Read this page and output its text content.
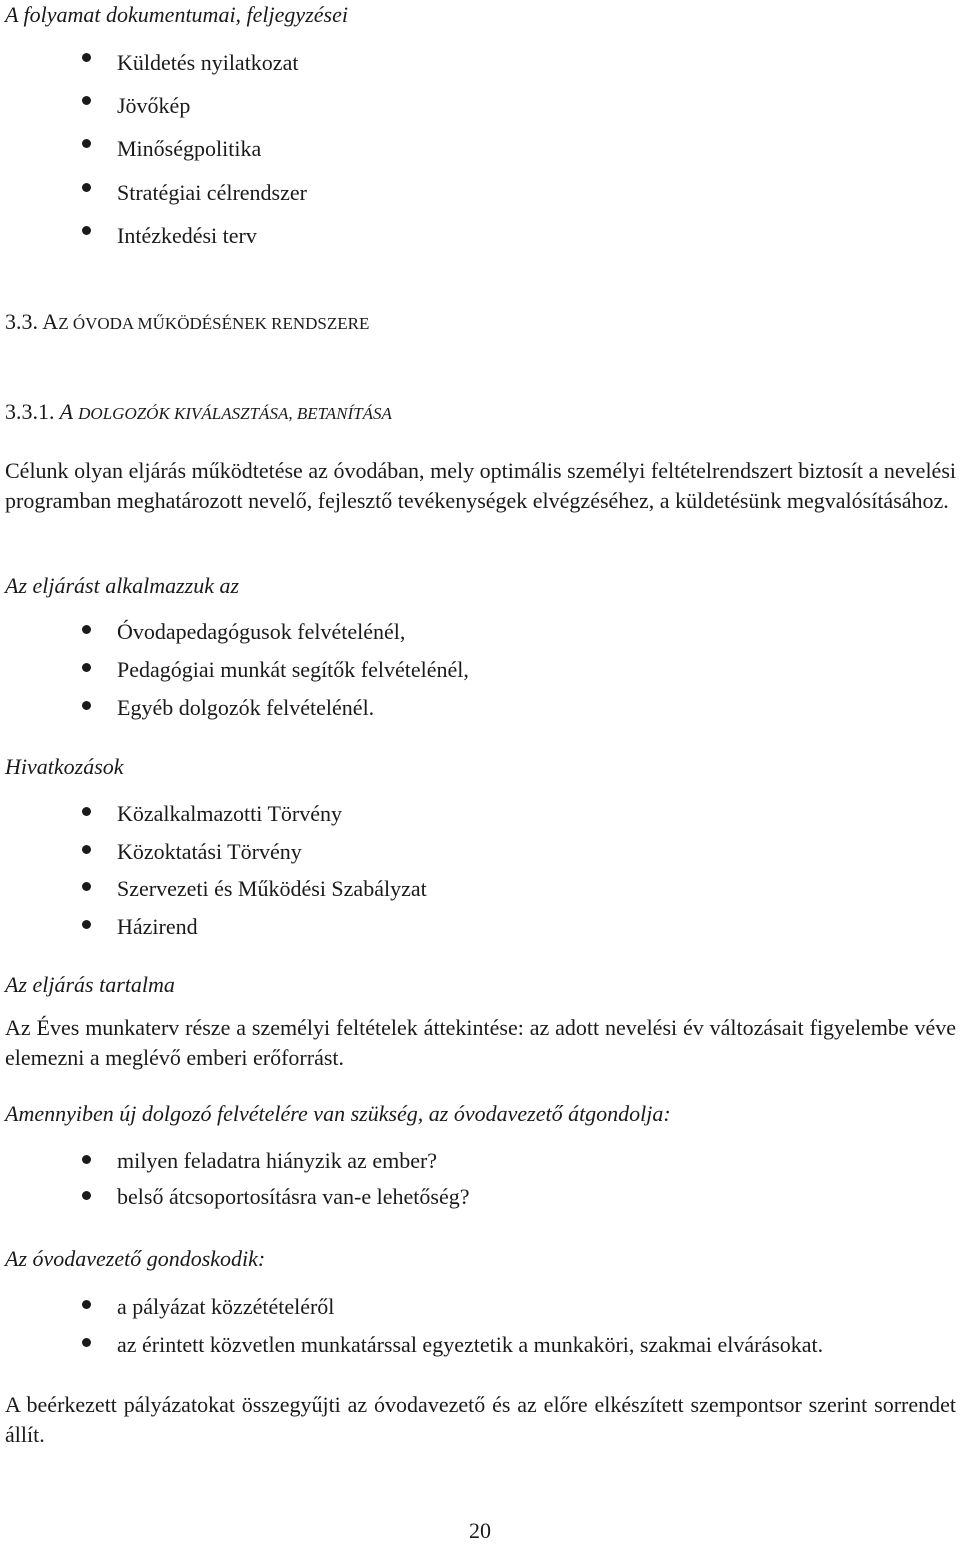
A folyamat dokumentumai, feljegyzései
Küldetés nyilatkozat
Jövőkép
Minőségpolitika
Stratégiai célrendszer
Intézkedési terv
3.3. AZ ÓVODA MŰKÖDÉSÉNEK RENDSZERE
3.3.1. A DOLGOZÓK KIVÁLASZTÁSA, BETANÍTÁSA
Célunk olyan eljárás működtetése az óvodában, mely optimális személyi feltételrendszert biztosít a nevelési programban meghatározott nevelő, fejlesztő tevékenységek elvégzéséhez, a küldetésünk megvalósításához.
Az eljárást alkalmazzuk az
Óvodapedagógusok felvételénél,
Pedagógiai munkát segítők felvételénél,
Egyéb dolgozók felvételénél.
Hivatkozások
Közalkalmazotti Törvény
Közoktatási Törvény
Szervezeti és Működési Szabályzat
Házirend
Az eljárás tartalma
Az Éves munkaterv része a személyi feltételek áttekintése: az adott nevelési év változásait figyelembe véve elemezni a meglévő emberi erőforrást.
Amennyiben új dolgozó felvételére van szükség, az óvodavezető átgondolja:
milyen feladatra hiányzik az ember?
belső átcsoportosításra van-e lehetőség?
Az óvodavezető gondoskodik:
a pályázat közzétételéről
az érintett közvetlen munkatárssal egyeztetik a munkaköri, szakmai elvárásokat.
A beérkezett pályázatokat összegyűjti az óvodavezető és az előre elkészített szempontsor szerint sorrendet állít.
20
